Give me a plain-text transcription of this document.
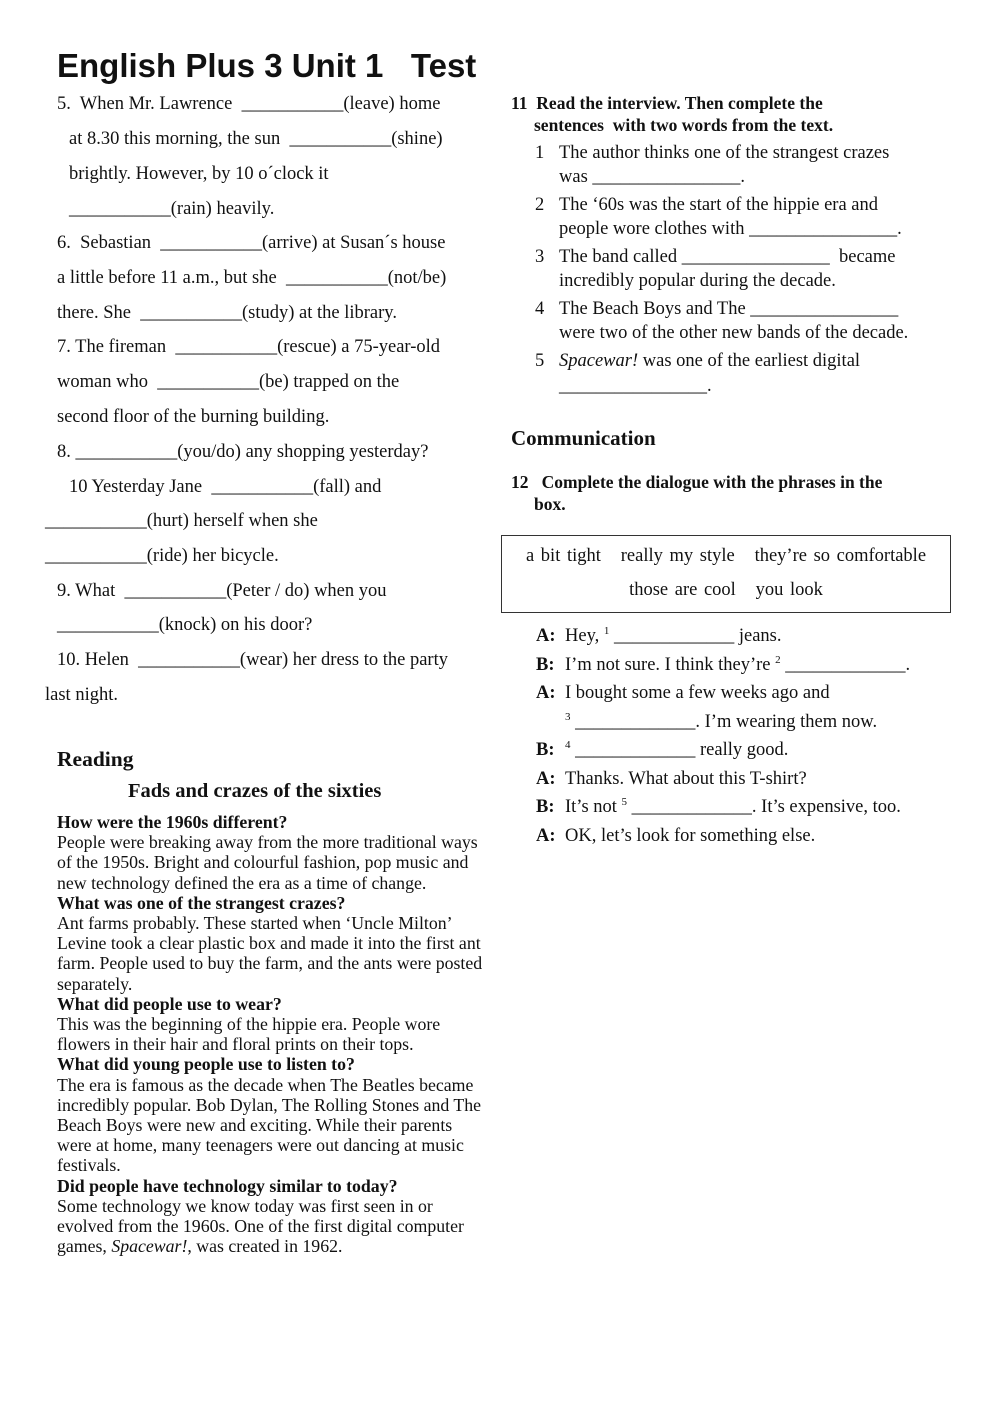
English Plus 3 Unit 1   Test
5.  When Mr. Lawrence  ___________(leave) home
at 8.30 this morning, the sun  ___________(shine)
brightly. However, by 10 o´clock it
___________(rain) heavily.
6.  Sebastian  ___________(arrive) at Susan´s house
a little before 11 a.m., but she  ___________(not/be)
there. She  ___________(study) at the library.
7. The fireman  ___________(rescue) a 75-year-old
woman who  ___________(be) trapped on the
second floor of the burning building.
8. ___________(you/do) any shopping yesterday?
10 Yesterday Jane  ___________(fall) and
___________(hurt) herself when she
___________(ride) her bicycle.
9. What  ___________(Peter / do) when you
___________(knock) on his door?
10. Helen  ___________(wear) her dress to the party
last night.
Reading
Fads and crazes of the sixties
How were the 1960s different?
People were breaking away from the more traditional ways of the 1950s. Bright and colourful fashion, pop music and new technology defined the era as a time of change.
What was one of the strangest crazes?
Ant farms probably. These started when ‘Uncle Milton’ Levine took a clear plastic box and made it into the first ant farm. People used to buy the farm, and the ants were posted separately.
What did people use to wear?
This was the beginning of the hippie era. People wore flowers in their hair and floral prints on their tops.
What did young people use to listen to?
The era is famous as the decade when The Beatles became incredibly popular. Bob Dylan, The Rolling Stones and The Beach Boys were new and exciting. While their parents were at home, many teenagers were out dancing at music festivals.
Did people have technology similar to today?
Some technology we know today was first seen in or evolved from the 1960s. One of the first digital computer games, Spacewar!, was created in 1962.
11  Read the interview. Then complete the
sentences  with two words from the text.
1 The author thinks one of the strangest crazes
was ________________.
2 The ‘60s was the start of the hippie era and
people wore clothes with ________________.
3 The band called ________________  became
incredibly popular during the decade.
4 The Beach Boys and The ________________
were two of the other new bands of the decade.
5 Spacewar! was one of the earliest digital
________________.
Communication
12   Complete the dialogue with the phrases in the
box.
a bit tight   really my style   they’re so comfortable
those are cool   you look
A: Hey, $^1$ _____________ jeans.
B: I’m not sure. I think they’re $^2$ _____________.
A: I bought some a few weeks ago and
$^3$ _____________. I’m wearing them now.
B: $^4$ _____________ really good.
A: Thanks. What about this T-shirt?
B: It’s not $^5$ _____________. It’s expensive, too.
A: OK, let’s look for something else.
